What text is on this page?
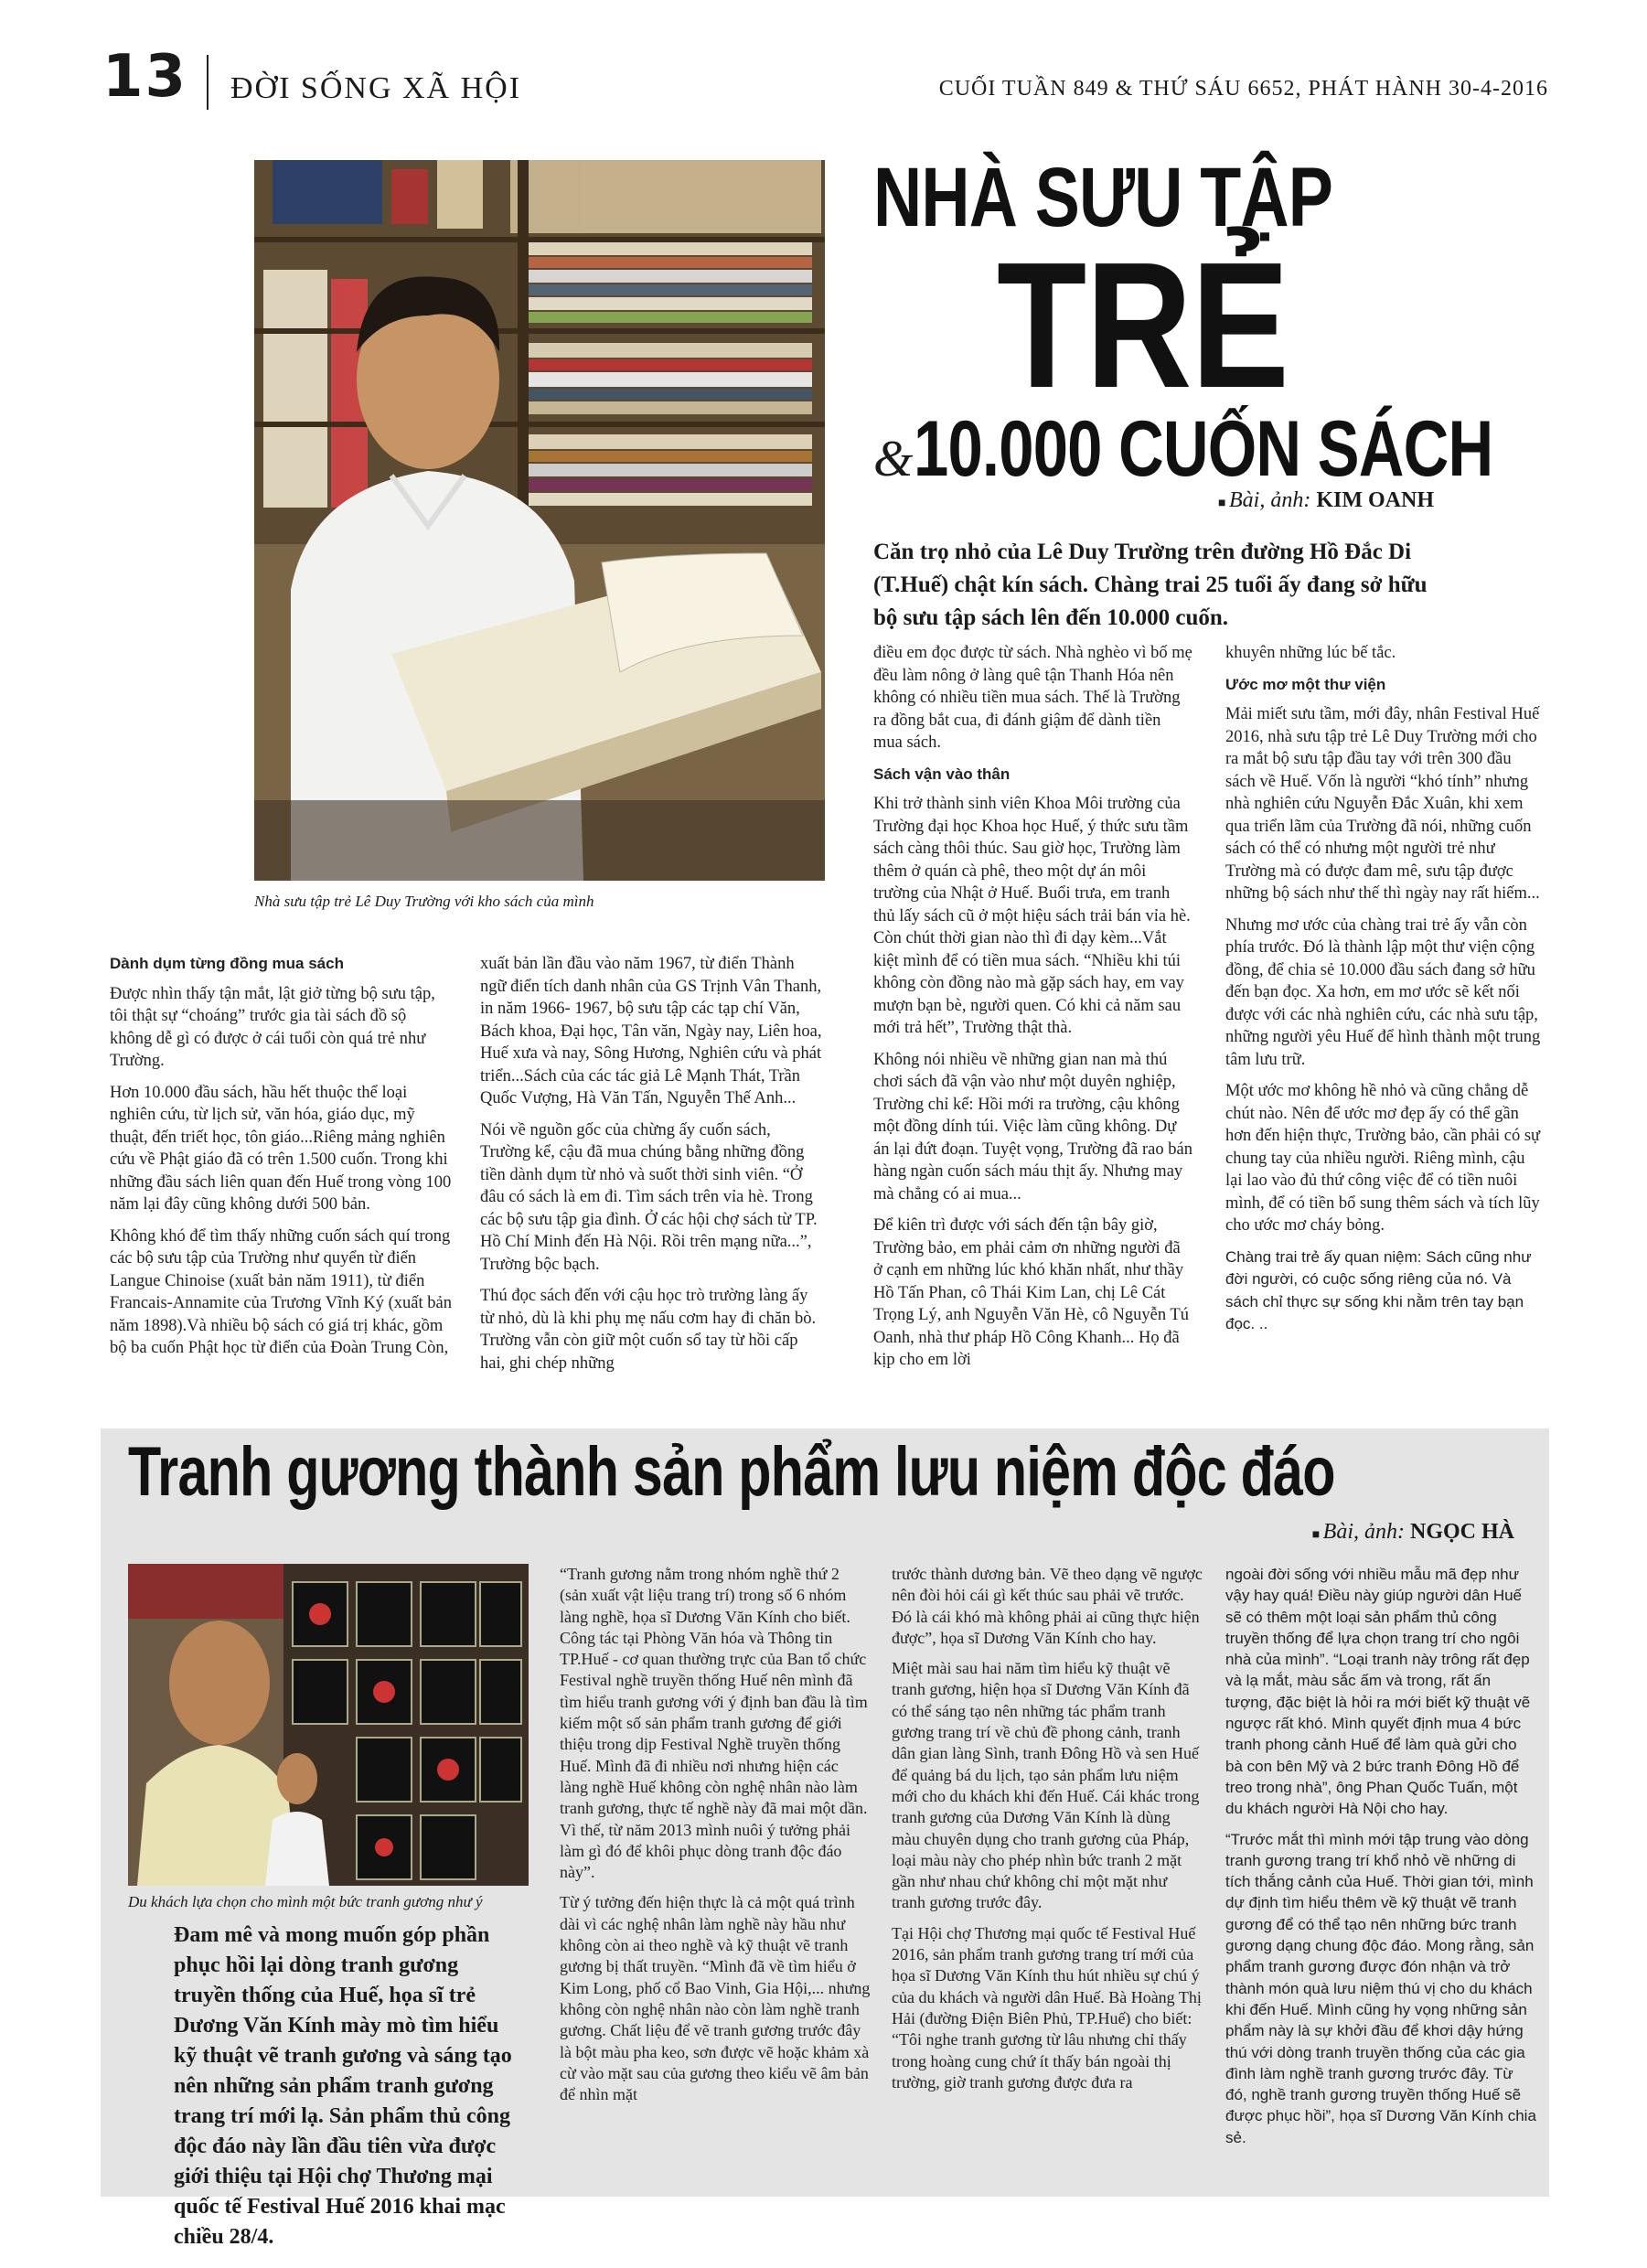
13 ĐỜI SỐNG XÃ HỘI	CUỐI TUẦN 849 & THỨ SÁU 6652, PHÁT HÀNH 30-4-2016
Nhà sưu tập trẻ Lê Duy Trường với kho sách của mình
NHÀ SƯU TẬP
TRẺ
&10.000 CUỐN SÁCH
■ Bài, ảnh: KIM OANH
Căn trọ nhỏ của Lê Duy Trường trên đường Hồ Đắc Di (T.Huế) chật kín sách. Chàng trai 25 tuổi ấy đang sở hữu bộ sưu tập sách lên đến 10.000 cuốn.
Dành dụm từng đồng mua sách

Được nhìn thấy tận mắt, lật giở từng bộ sưu tập, tôi thật sự “choáng” trước gia tài sách đồ sộ không dễ gì có được ở cái tuổi còn quá trẻ như Trường.

Hơn 10.000 đầu sách, hầu hết thuộc thể loại nghiên cứu, từ lịch sử, văn hóa, giáo dục, mỹ thuật, đến triết học, tôn giáo...Riêng mảng nghiên cứu về Phật giáo đã có trên 1.500 cuốn. Trong khi những đầu sách liên quan đến Huế trong vòng 100 năm lại đây cũng không dưới 500 bản.

Không khó để tìm thấy những cuốn sách quí trong các bộ sưu tập của Trường như quyển từ điển Langue Chinoise (xuất bản năm 1911), từ điển Francais-Annamite của Trương Vĩnh Ký (xuất bản năm 1898).Và nhiều bộ sách có giá trị khác, gồm bộ ba cuốn Phật học từ điển của Đoàn Trung Còn,

xuất bản lần đầu vào năm 1967, từ điển Thành ngữ điển tích danh nhân của GS Trịnh Vân Thanh, in năm 1966- 1967, bộ sưu tập các tạp chí Văn, Bách khoa, Đại học, Tân văn, Ngày nay, Liên hoa, Huế xưa và nay, Sông Hương, Nghiên cứu và phát triển...Sách của các tác giả Lê Mạnh Thát, Trần Quốc Vượng, Hà Văn Tấn, Nguyễn Thế Anh...

Nói về nguồn gốc của chừng ấy cuốn sách, Trường kể, cậu đã mua chúng bằng những đồng tiền dành dụm từ nhỏ và suốt thời sinh viên. “Ở đâu có sách là em đi. Tìm sách trên vỉa hè. Trong các bộ sưu tập gia đình. Ở các hội chợ sách từ TP. Hồ Chí Minh đến Hà Nội. Rồi trên mạng nữa...”, Trường bộc bạch.

Thú đọc sách đến với cậu học trò trường làng ấy từ nhỏ, dù là khi phụ mẹ nấu cơm hay đi chăn bò. Trường vẫn còn giữ một cuốn sổ tay từ hồi cấp hai, ghi chép những

điều em đọc được từ sách. Nhà nghèo vì bố mẹ đều làm nông ở làng quê tận Thanh Hóa nên không có nhiều tiền mua sách. Thế là Trường ra đồng bắt cua, đi đánh giậm để dành tiền mua sách.

Sách vận vào thân

Khi trở thành sinh viên Khoa Môi trường của Trường đại học Khoa học Huế, ý thức sưu tầm sách càng thôi thúc. Sau giờ học, Trường làm thêm ở quán cà phê, theo một dự án môi trường của Nhật ở Huế. Buổi trưa, em tranh thủ lấy sách cũ ở một hiệu sách trải bán vỉa hè. Còn chút thời gian nào thì đi dạy kèm...Vắt kiệt mình để có tiền mua sách. “Nhiều khi túi không còn đồng nào mà gặp sách hay, em vay mượn bạn bè, người quen. Có khi cả năm sau mới trả hết”, Trường thật thà.

Không nói nhiều về những gian nan mà thú chơi sách đã vận vào như một duyên nghiệp, Trường chỉ kể: Hồi mới ra trường, cậu không một đồng dính túi. Việc làm cũng không. Dự án lại đứt đoạn. Tuyệt vọng, Trường đã rao bán hàng ngàn cuốn sách máu thịt ấy. Nhưng may mà chẳng có ai mua...

Để kiên trì được với sách đến tận bây giờ, Trường bảo, em phải cảm ơn những người đã ở cạnh em những lúc khó khăn nhất, như thầy Hồ Tấn Phan, cô Thái Kim Lan, chị Lê Cát Trọng Lý, anh Nguyễn Văn Hè, cô Nguyễn Tú Oanh, nhà thư pháp Hồ Công Khanh... Họ đã kịp cho em lời

khuyên những lúc bế tắc.

Ước mơ một thư viện

Mải miết sưu tầm, mới đây, nhân Festival Huế 2016, nhà sưu tập trẻ Lê Duy Trường mới cho ra mắt bộ sưu tập đầu tay với trên 300 đầu sách về Huế. Vốn là người “khó tính” nhưng nhà nghiên cứu Nguyễn Đắc Xuân, khi xem qua triển lãm của Trường đã nói, những cuốn sách có thể có nhưng một người trẻ như Trường mà có được đam mê, sưu tập được những bộ sách như thế thì ngày nay rất hiếm...

Nhưng mơ ước của chàng trai trẻ ấy vẫn còn phía trước. Đó là thành lập một thư viện cộng đồng, để chia sẻ 10.000 đầu sách đang sở hữu đến bạn đọc. Xa hơn, em mơ ước sẽ kết nối được với các nhà nghiên cứu, các nhà sưu tập, những người yêu Huế để hình thành một trung tâm lưu trữ.

Một ước mơ không hề nhỏ và cũng chẳng dễ chút nào. Nên để ước mơ đẹp ấy có thể gần hơn đến hiện thực, Trường bảo, cần phải có sự chung tay của nhiều người. Riêng mình, cậu lại lao vào đủ thứ công việc để có tiền nuôi mình, để có tiền bổ sung thêm sách và tích lũy cho ước mơ cháy bỏng.

Chàng trai trẻ ấy quan niệm: Sách cũng như đời người, có cuộc sống riêng của nó. Và sách chỉ thực sự sống khi nằm trên tay bạn đọc. ..

Tranh gương thành sản phẩm lưu niệm độc đáo
■ Bài, ảnh: NGỌC HÀ
Du khách lựa chọn cho mình một bức tranh gương như ý
Đam mê và mong muốn góp phần phục hồi lại dòng tranh gương truyền thống của Huế, họa sĩ trẻ Dương Văn Kính mày mò tìm hiểu kỹ thuật vẽ tranh gương và sáng tạo nên những sản phẩm tranh gương trang trí mới lạ. Sản phẩm thủ công độc đáo này lần đầu tiên vừa được giới thiệu tại Hội chợ Thương mại quốc tế Festival Huế 2016 khai mạc chiều 28/4.

“Tranh gương nằm trong nhóm nghề thứ 2 (sản xuất vật liệu trang trí) trong số 6 nhóm làng nghề, họa sĩ Dương Văn Kính cho biết. Công tác tại Phòng Văn hóa và Thông tin TP.Huế - cơ quan thường trực của Ban tổ chức Festival nghề truyền thống Huế nên mình đã tìm hiểu tranh gương với ý định ban đầu là tìm kiếm một số sản phẩm tranh gương để giới thiệu trong dịp Festival Nghề truyền thống Huế. Mình đã đi nhiều nơi nhưng hiện các làng nghề Huế không còn nghệ nhân nào làm tranh gương, thực tế nghề này đã mai một dần. Vì thế, từ năm 2013 mình nuôi ý tưởng phải làm gì đó để khôi phục dòng tranh độc đáo này”.

Từ ý tưởng đến hiện thực là cả một quá trình dài vì các nghệ nhân làm nghề này hầu như không còn ai theo nghề và kỹ thuật vẽ tranh gương bị thất truyền. “Mình đã về tìm hiểu ở Kim Long, phố cổ Bao Vinh, Gia Hội,... nhưng không còn nghệ nhân nào còn làm nghề tranh gương. Chất liệu để vẽ tranh gương trước đây là bột màu pha keo, sơn được vẽ hoặc khảm xà cừ vào mặt sau của gương theo kiểu vẽ âm bản để nhìn mặt

trước thành dương bản. Vẽ theo dạng vẽ ngược nên đòi hỏi cái gì kết thúc sau phải vẽ trước. Đó là cái khó mà không phải ai cũng thực hiện được”, họa sĩ Dương Văn Kính cho hay.

Miệt mài sau hai năm tìm hiểu kỹ thuật vẽ tranh gương, hiện họa sĩ Dương Văn Kính đã có thể sáng tạo nên những tác phẩm tranh gương trang trí về chủ đề phong cảnh, tranh dân gian làng Sình, tranh Đông Hồ và sen Huế để quảng bá du lịch, tạo sản phẩm lưu niệm mới cho du khách khi đến Huế. Cái khác trong tranh gương của Dương Văn Kính là dùng màu chuyên dụng cho tranh gương của Pháp, loại màu này cho phép nhìn bức tranh 2 mặt gần như nhau chứ không chỉ một mặt như tranh gương trước đây.

Tại Hội chợ Thương mại quốc tế Festival Huế 2016, sản phẩm tranh gương trang trí mới của họa sĩ Dương Văn Kính thu hút nhiều sự chú ý của du khách và người dân Huế. Bà Hoàng Thị Hải (đường Điện Biên Phủ, TP.Huế) cho biết: “Tôi nghe tranh gương từ lâu nhưng chỉ thấy trong hoàng cung chứ ít thấy bán ngoài thị trường, giờ tranh gương được đưa ra

ngoài đời sống với nhiều mẫu mã đẹp như vậy hay quá! Điều này giúp người dân Huế sẽ có thêm một loại sản phẩm thủ công truyền thống để lựa chọn trang trí cho ngôi nhà của mình”. “Loại tranh này trông rất đẹp và lạ mắt, màu sắc ấm và trong, rất ấn tượng, đặc biệt là hỏi ra mới biết kỹ thuật vẽ ngược rất khó. Mình quyết định mua 4 bức tranh phong cảnh Huế để làm quà gửi cho bà con bên Mỹ và 2 bức tranh Đông Hồ để treo trong nhà”, ông Phan Quốc Tuấn, một du khách người Hà Nội cho hay.

“Trước mắt thì mình mới tập trung vào dòng tranh gương trang trí khổ nhỏ về những di tích thắng cảnh của Huế. Thời gian tới, mình dự định tìm hiểu thêm về kỹ thuật vẽ tranh gương để có thể tạo nên những bức tranh gương dạng chung độc đáo. Mong rằng, sản phẩm tranh gương được đón nhận và trở thành món quà lưu niệm thú vị cho du khách khi đến Huế. Mình cũng hy vọng những sản phẩm này là sự khởi đầu để khơi dậy hứng thú với dòng tranh truyền thống của các gia đình làm nghề tranh gương trước đây. Từ đó, nghề tranh gương truyền thống Huế sẽ được phục hồi”, họa sĩ Dương Văn Kính chia sẻ.
